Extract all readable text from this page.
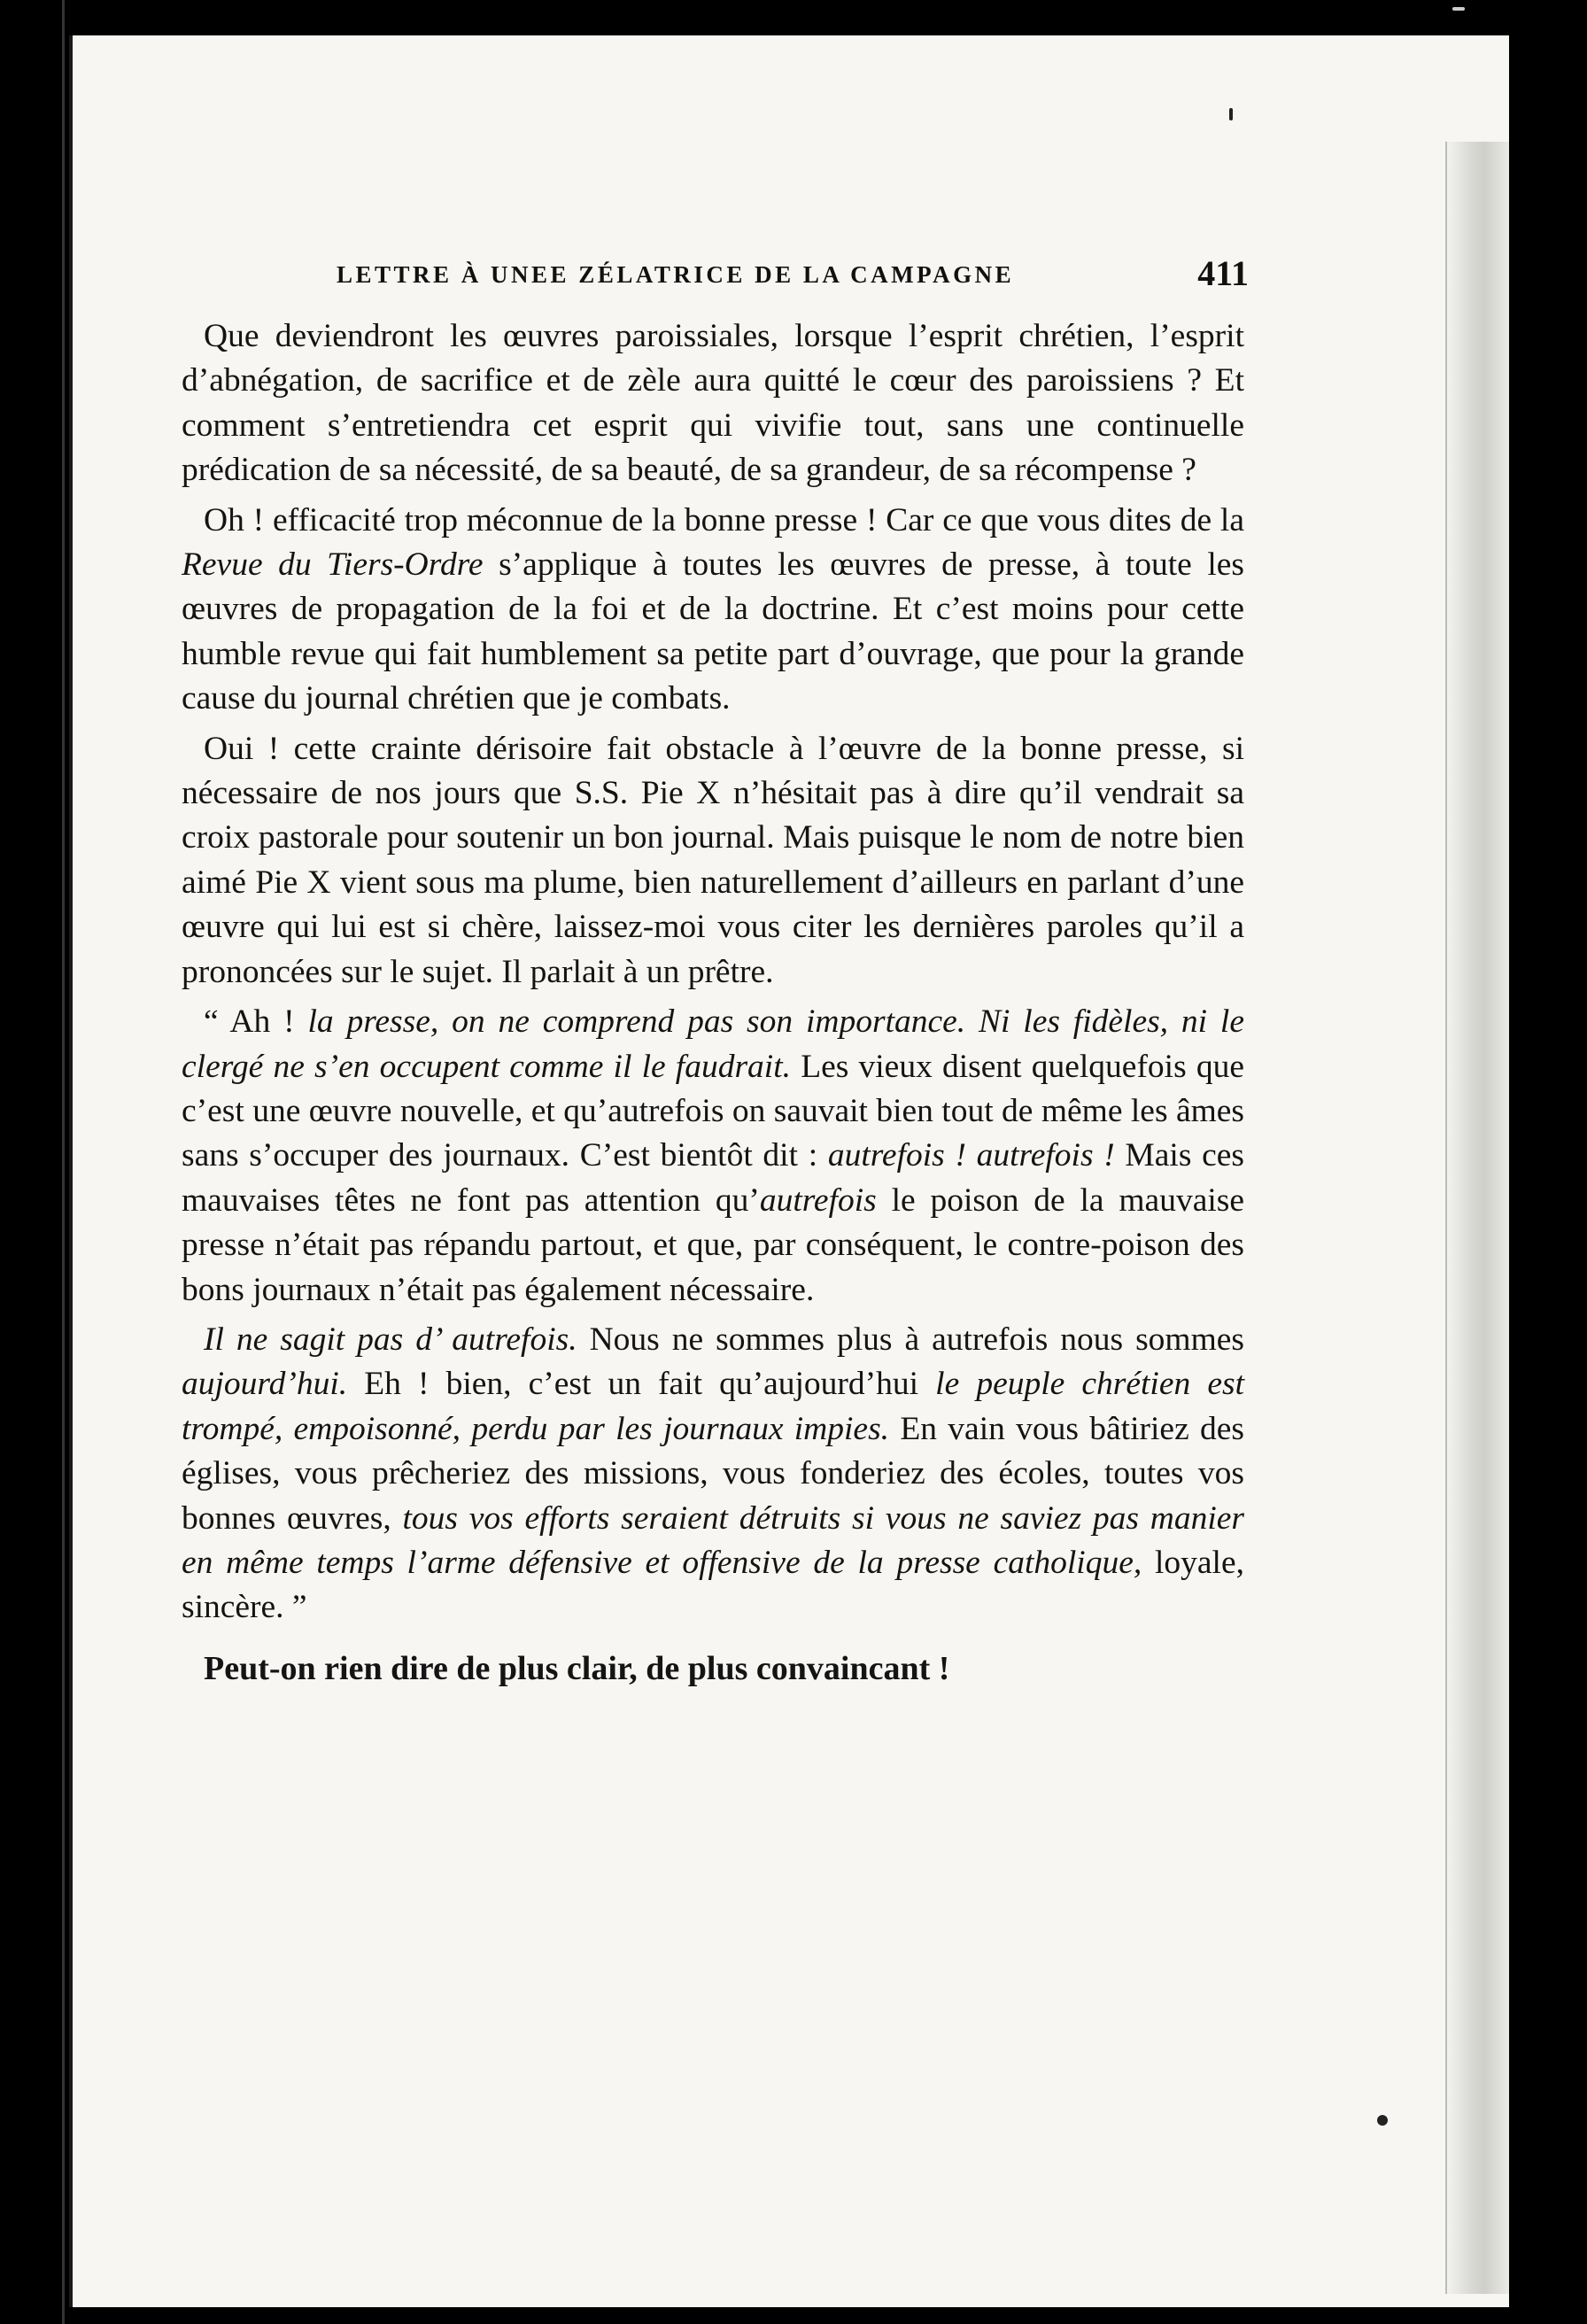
LETTRE À UNEE ZÉLATRICE DE LA CAMPAGNE	411

Que deviendront les œuvres paroissiales, lorsque l’esprit chrétien, l’esprit d’abnégation, de sacrifice et de zèle aura quitté le cœur des paroissiens ? Et comment s’entretiendra cet esprit qui vivifie tout, sans une continuelle prédication de sa nécessité, de sa beauté, de sa grandeur, de sa récompense ?

Oh ! efficacité trop méconnue de la bonne presse ! Car ce que vous dites de la Revue du Tiers-Ordre s’applique à toutes les œuvres de presse, à toute les œuvres de propagation de la foi et de la doctrine. Et c’est moins pour cette humble revue qui fait humblement sa petite part d’ouvrage, que pour la grande cause du journal chrétien que je combats.

Oui ! cette crainte dérisoire fait obstacle à l’œuvre de la bonne presse, si nécessaire de nos jours que S.S. Pie X n’hésitait pas à dire qu’il vendrait sa croix pastorale pour soutenir un bon journal. Mais puisque le nom de notre bien aimé Pie X vient sous ma plume, bien naturellement d’ailleurs en parlant d’une œuvre qui lui est si chère, laissez-moi vous citer les dernières paroles qu’il a prononcées sur le sujet. Il parlait à un prêtre.

“ Ah ! la presse, on ne comprend pas son importance. Ni les fidèles, ni le clergé ne s’en occupent comme il le faudrait. Les vieux disent quelquefois que c’est une œuvre nouvelle, et qu’autrefois on sauvait bien tout de même les âmes sans s’occuper des journaux. C’est bientôt dit : autrefois ! autrefois ! Mais ces mauvaises têtes ne font pas attention qu’autrefois le poison de la mauvaise presse n’était pas répandu partout, et que, par conséquent, le contre-poison des bons journaux n’était pas également nécessaire.

Il ne sagit pas d’ autrefois. Nous ne sommes plus à autrefois nous sommes aujourd’hui. Eh ! bien, c’est un fait qu’aujourd’hui le peuple chrétien est trompé, empoisonné, perdu par les journaux impies. En vain vous bâtiriez des églises, vous prêcheriez des missions, vous fonderiez des écoles, toutes vos bonnes œuvres, tous vos efforts seraient détruits si vous ne saviez pas manier en même temps l’arme défensive et offensive de la presse catholique, loyale, sincère. ”

Peut-on rien dire de plus clair, de plus convaincant !
